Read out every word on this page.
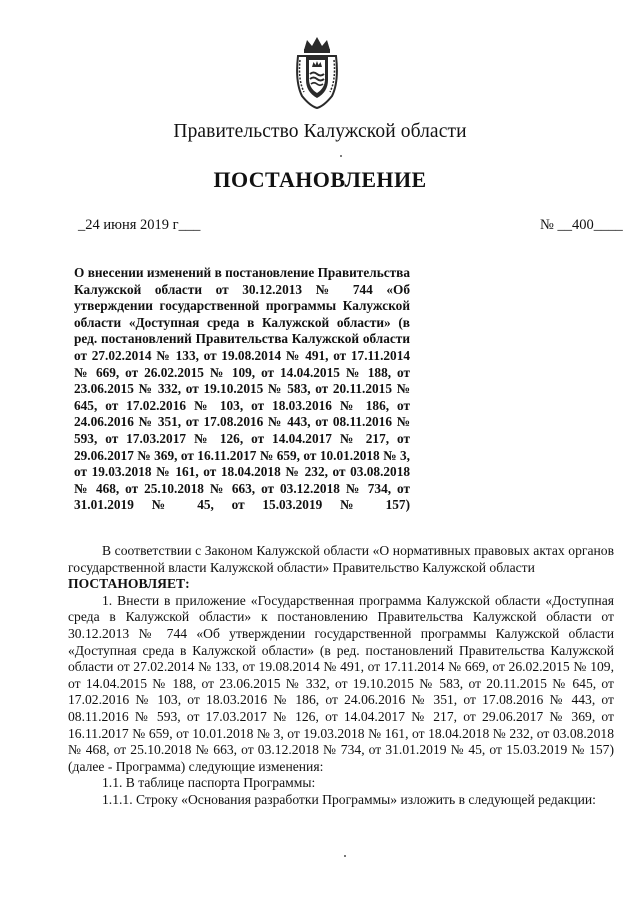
Правительство Калужской области
ПОСТАНОВЛЕНИЕ
_24 июня 2019 г___	№ __400____
О внесении изменений в постановление Правительства Калужской области от 30.12.2013 № 744 «Об утверждении государственной программы Калужской области «Доступная среда в Калужской области» (в ред. постановлений Правительства Калужской области от 27.02.2014 № 133, от 19.08.2014 № 491, от 17.11.2014 № 669, от 26.02.2015 № 109, от 14.04.2015 № 188, от 23.06.2015 № 332, от 19.10.2015 № 583, от 20.11.2015 № 645, от 17.02.2016 № 103, от 18.03.2016 № 186, от 24.06.2016 № 351, от 17.08.2016 № 443, от 08.11.2016 № 593, от 17.03.2017 № 126, от 14.04.2017 № 217, от 29.06.2017 № 369, от 16.11.2017 № 659, от 10.01.2018 № 3, от 19.03.2018 № 161, от 18.04.2018 № 232, от 03.08.2018 № 468, от 25.10.2018 № 663, от 03.12.2018 № 734, от 31.01.2019 № 45, от 15.03.2019 № 157)

В соответствии с Законом Калужской области «О нормативных правовых актах органов государственной власти Калужской области» Правительство Калужской области

ПОСТАНОВЛЯЕТ:

1. Внести в приложение «Государственная программа Калужской области «Доступная среда в Калужской области» к постановлению Правительства Калужской области от 30.12.2013 № 744 «Об утверждении государственной программы Калужской области «Доступная среда в Калужской области» (в ред. постановлений Правительства Калужской области от 27.02.2014 № 133, от 19.08.2014 № 491, от 17.11.2014 № 669, от 26.02.2015 № 109, от 14.04.2015 № 188, от 23.06.2015 № 332, от 19.10.2015 № 583, от 20.11.2015 № 645, от 17.02.2016 № 103, от 18.03.2016 № 186, от 24.06.2016 № 351, от 17.08.2016 № 443, от 08.11.2016 № 593, от 17.03.2017 № 126, от 14.04.2017 № 217, от 29.06.2017 № 369, от 16.11.2017 № 659, от 10.01.2018 № 3, от 19.03.2018 № 161, от 18.04.2018 № 232, от 03.08.2018 № 468, от 25.10.2018 № 663, от 03.12.2018 № 734, от 31.01.2019 № 45, от 15.03.2019 № 157) (далее - Программа) следующие изменения:

1.1. В таблице паспорта Программы:

1.1.1. Строку «Основания разработки Программы» изложить в следующей редакции:
